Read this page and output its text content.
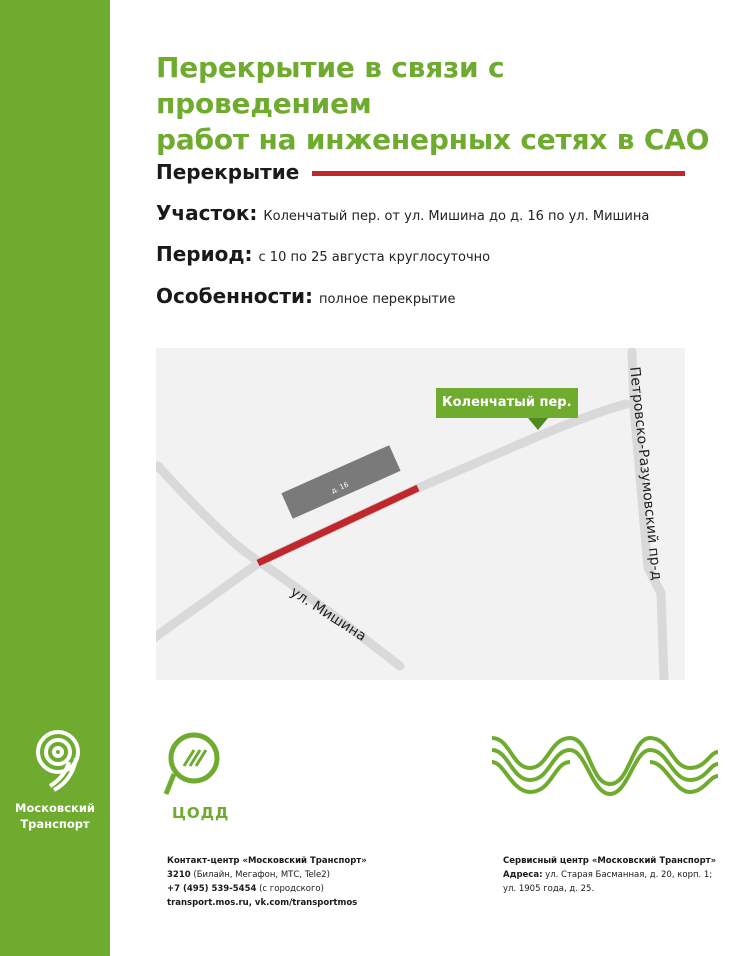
Московский
Транспорт
Перекрытие в связи с проведением
работ на инженерных сетях в САО
Перекрытие
Участок: Коленчатый пер. от ул. Мишина до д. 16 по ул. Мишина
Период: с 10 по 25 августа круглосуточно
Особенности: полное перекрытие
д. 16
Коленчатый пер.	Петровско-Разумовский пр-д
ул. Мишина
ЦОДД
Контакт-центр «Московский Транспорт»
3210 (Билайн, Мегафон, МТС, Tele2)
+7 (495) 539-5454 (с городского)
transport.mos.ru, vk.com/transportmos
Сервисный центр «Московский Транспорт»
Адреса: ул. Старая Басманная, д. 20, корп. 1;
ул. 1905 года, д. 25.
